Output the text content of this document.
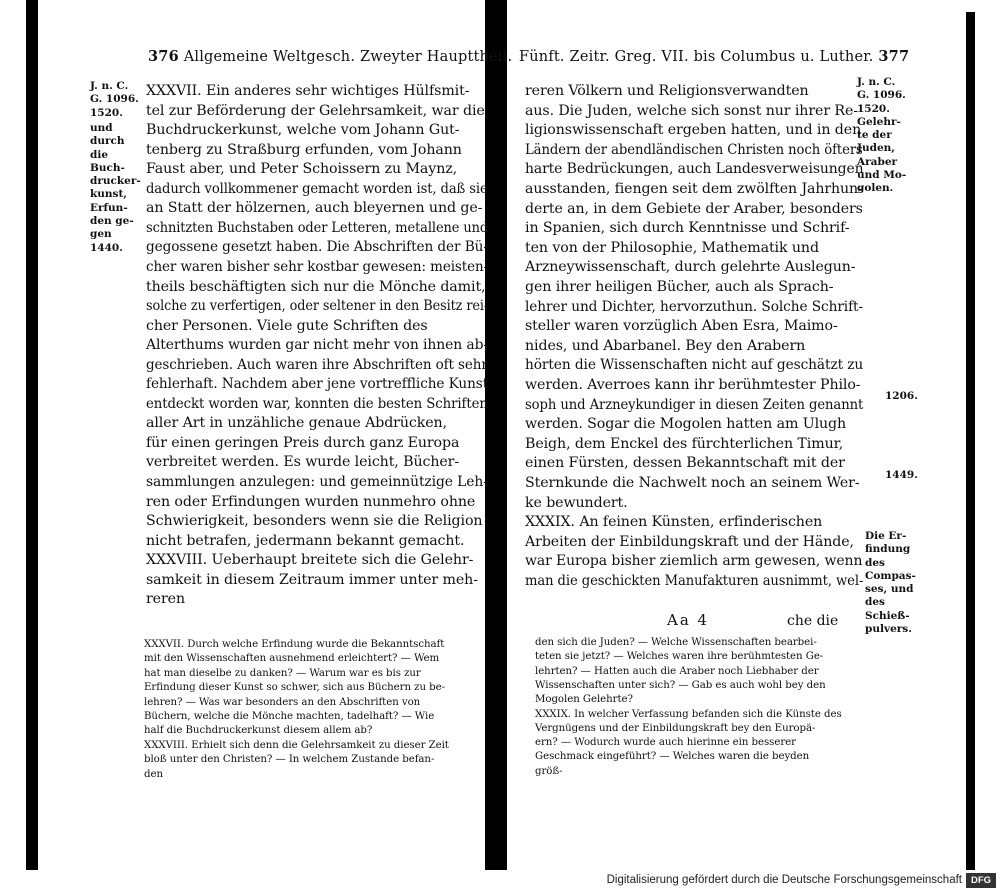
376 Allgemeine Weltgesch. Zweyter Haupttheil.
J. n. C.
G. 1096.
1520.
und
durch
die
Buch-
drucker-
kunst,
Erfun-
den ge-
gen
1440.
XXXVII. Ein anderes sehr wichtiges Hülfsmit-
tel zur Beförderung der Gelehrsamkeit, war die
Buchdruckerkunst, welche vom Johann Gut-
tenberg zu Straßburg erfunden, vom Johann
Faust aber, und Peter Schoissern zu Maynz,
dadurch vollkommener gemacht worden ist, daß sie
an Statt der hölzernen, auch bleyernen und ge-
schnitzten Buchstaben oder Letteren, metallene und
gegossene gesetzt haben. Die Abschriften der Bü-
cher waren bisher sehr kostbar gewesen: meisten-
theils beschäftigten sich nur die Mönche damit,
solche zu verfertigen, oder seltener in den Besitz rei-
cher Personen. Viele gute Schriften des
Alterthums wurden gar nicht mehr von ihnen ab-
geschrieben. Auch waren ihre Abschriften oft sehr
fehlerhaft. Nachdem aber jene vortreffliche Kunst
entdeckt worden war, konnten die besten Schriften
aller Art in unzähliche genaue Abdrücken,
für einen geringen Preis durch ganz Europa
verbreitet werden. Es wurde leicht, Bücher-
sammlungen anzulegen: und gemeinnützige Leh-
ren oder Erfindungen wurden nunmehro ohne
Schwierigkeit, besonders wenn sie die Religion
nicht betrafen, jedermann bekannt gemacht.
XXXVIII. Ueberhaupt breitete sich die Gelehr-
samkeit in diesem Zeitraum immer unter meh-
reren
XXXVII. Durch welche Erfindung wurde die Bekanntschaft
mit den Wissenschaften ausnehmend erleichtert? — Wem
hat man dieselbe zu danken? — Warum war es bis zur
Erfindung dieser Kunst so schwer, sich aus Büchern zu be-
lehren? — Was war besonders an den Abschriften von
Büchern, welche die Mönche machten, tadelhaft? — Wie
half die Buchdruckerkunst diesem allem ab?
XXXVIII. Erhielt sich denn die Gelehrsamkeit zu dieser Zeit
bloß unter den Christen? — In welchem Zustande befan-
den
Fünft. Zeitr. Greg. VII. bis Columbus u. Luther. 377
J. n. C.
G. 1096.
1520.
Gelehr-
te der
Juden,
Araber
und Mo-
golen.
1206.
1449.
Die Er-
findung
des
Compas-
ses, und
des
Schieß-
pulvers.
reren Völkern und Religionsverwandten
aus. Die Juden, welche sich sonst nur ihrer Re-
ligionswissenschaft ergeben hatten, und in den
Ländern der abendländischen Christen noch öfters
harte Bedrückungen, auch Landesverweisungen
ausstanden, fiengen seit dem zwölften Jahrhun-
derte an, in dem Gebiete der Araber, besonders
in Spanien, sich durch Kenntnisse und Schrif-
ten von der Philosophie, Mathematik und
Arzneywissenschaft, durch gelehrte Auslegun-
gen ihrer heiligen Bücher, auch als Sprach-
lehrer und Dichter, hervorzuthun. Solche Schrift-
steller waren vorzüglich Aben Esra, Maimo-
nides, und Abarbanel. Bey den Arabern
hörten die Wissenschaften nicht auf geschätzt zu
werden. Averroes kann ihr berühmtester Philo-
soph und Arzneykundiger in diesen Zeiten genannt
werden. Sogar die Mogolen hatten am Ulugh
Beigh, dem Enckel des fürchterlichen Timur,
einen Fürsten, dessen Bekanntschaft mit der
Sternkunde die Nachwelt noch an seinem Wer-
ke bewundert.
XXXIX. An feinen Künsten, erfinderischen
Arbeiten der Einbildungskraft und der Hände,
war Europa bisher ziemlich arm gewesen, wenn
man die geschickten Manufakturen ausnimmt, wel-
Aa 4	che die
den sich die Juden? — Welche Wissenschaften bearbei-
teten sie jetzt? — Welches waren ihre berühmtesten Ge-
lehrten? — Hatten auch die Araber noch Liebhaber der
Wissenschaften unter sich? — Gab es auch wohl bey den
Mogolen Gelehrte?
XXXIX. In welcher Verfassung befanden sich die Künste des
Vergnügens und der Einbildungskraft bey den Europä-
ern? — Wodurch wurde auch hierinne ein besserer
Geschmack eingeführt? — Welches waren die beyden
größ-
Digitalisierung gefördert durch die Deutsche Forschungsgemeinschaft DFG
